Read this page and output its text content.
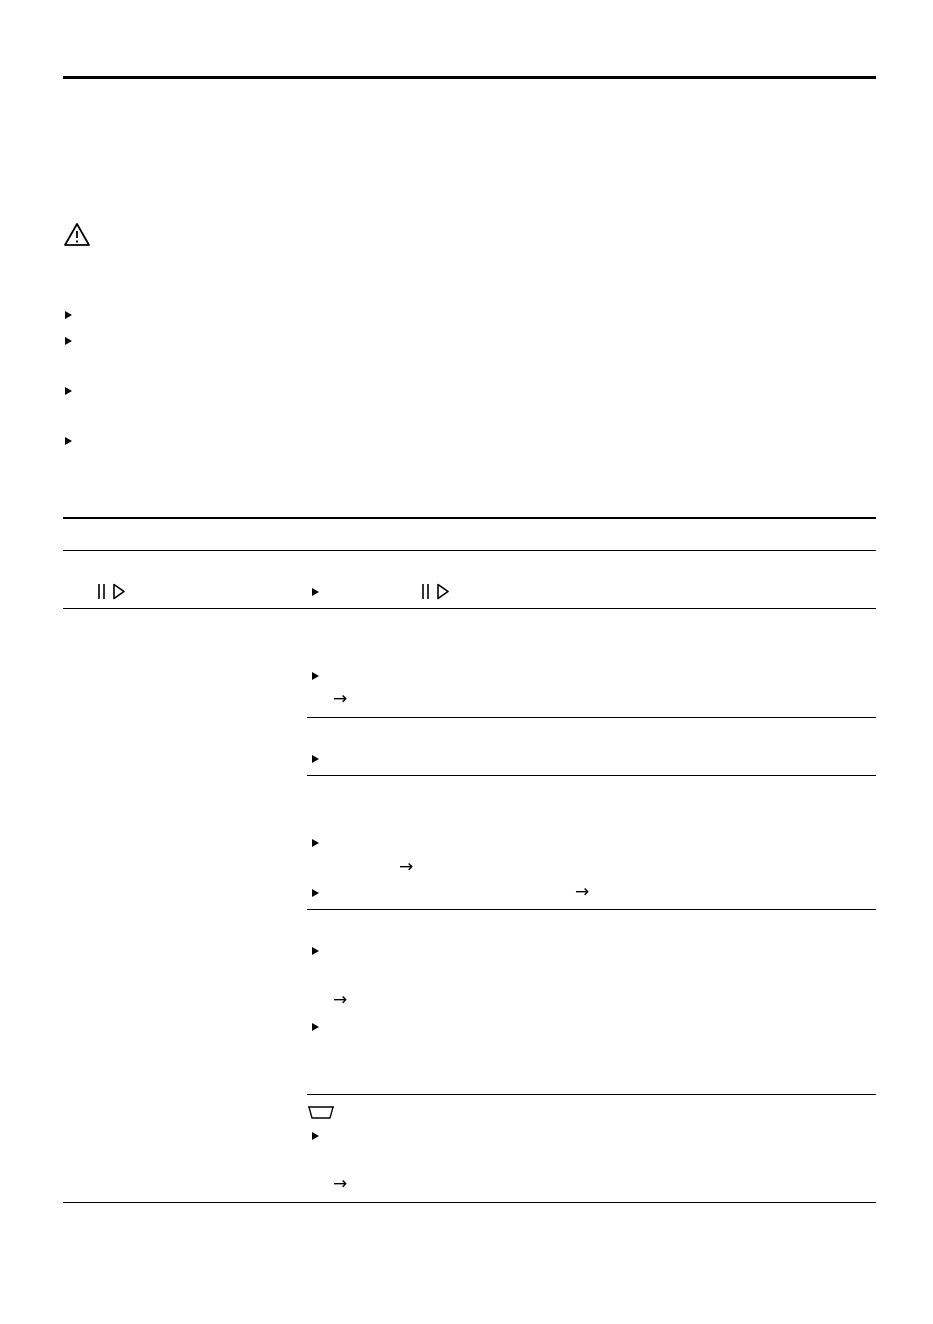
→
→
→
→
→
